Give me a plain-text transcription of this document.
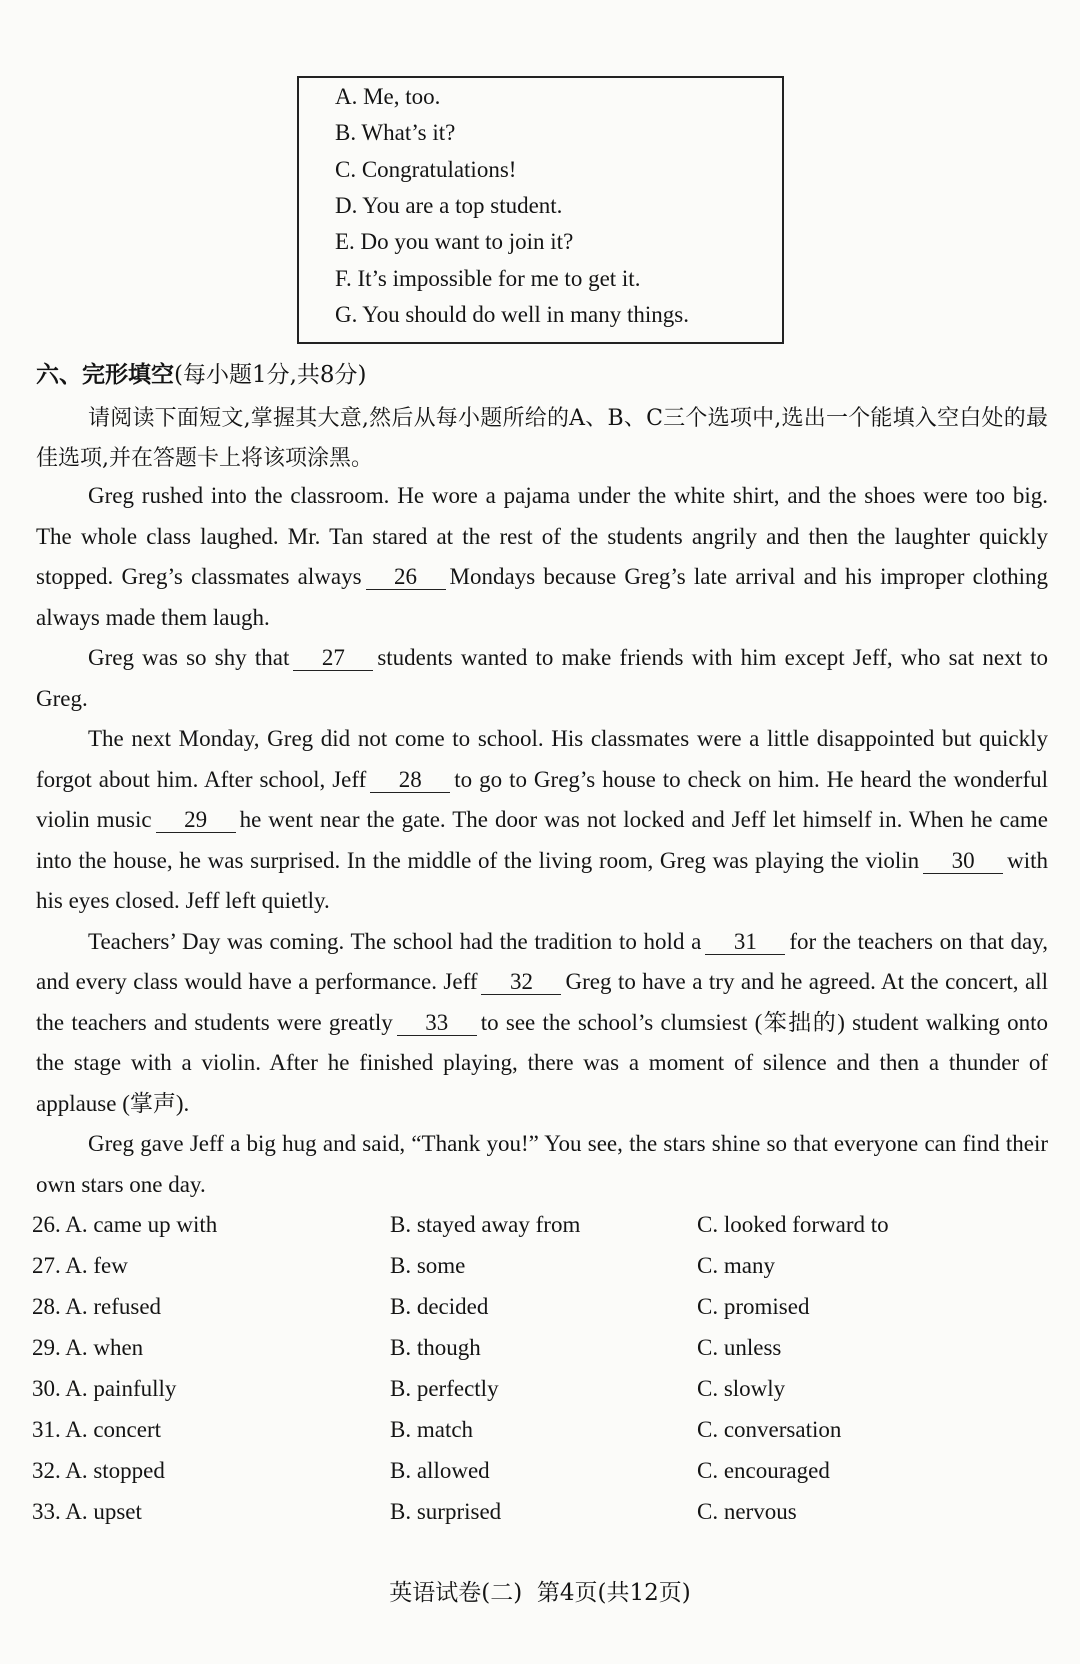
A. Me, too.
B. What’s it?
C. Congratulations!
D. You are a top student.
E. Do you want to join it?
F. It’s impossible for me to get it.
G. You should do well in many things.
六、完形填空(每小题1分,共8分)
请阅读下面短文,掌握其大意,然后从每小题所给的A、B、C三个选项中,选出一个能填入空白处的最佳选项,并在答题卡上将该项涂黑。

Greg rushed into the classroom. He wore a pajama under the white shirt, and the shoes were too big. The whole class laughed. Mr. Tan stared at the rest of the students angrily and then the laughter quickly stopped. Greg’s classmates always 26 Mondays because Greg’s late arrival and his improper clothing always made them laugh.

Greg was so shy that 27 students wanted to make friends with him except Jeff, who sat next to Greg.

The next Monday, Greg did not come to school. His classmates were a little disappointed but quickly forgot about him. After school, Jeff 28 to go to Greg’s house to check on him. He heard the wonderful violin music 29 he went near the gate. The door was not locked and Jeff let himself in. When he came into the house, he was surprised. In the middle of the living room, Greg was playing the violin 30 with his eyes closed. Jeff left quietly.

Teachers’ Day was coming. The school had the tradition to hold a 31 for the teachers on that day, and every class would have a performance. Jeff 32 Greg to have a try and he agreed. At the concert, all the teachers and students were greatly 33 to see the school’s clumsiest (笨拙的) student walking onto the stage with a violin. After he finished playing, there was a moment of silence and then a thunder of applause (掌声).

Greg gave Jeff a big hug and said, “Thank you!” You see, the stars shine so that everyone can find their own stars one day.

26. A. came up with	B. stayed away from	C. looked forward to
27. A. few	B. some	C. many
28. A. refused	B. decided	C. promised
29. A. when	B. though	C. unless
30. A. painfully	B. perfectly	C. slowly
31. A. concert	B. match	C. conversation
32. A. stopped	B. allowed	C. encouraged
33. A. upset	B. surprised	C. nervous
英语试卷(二)  第4页(共12页)
